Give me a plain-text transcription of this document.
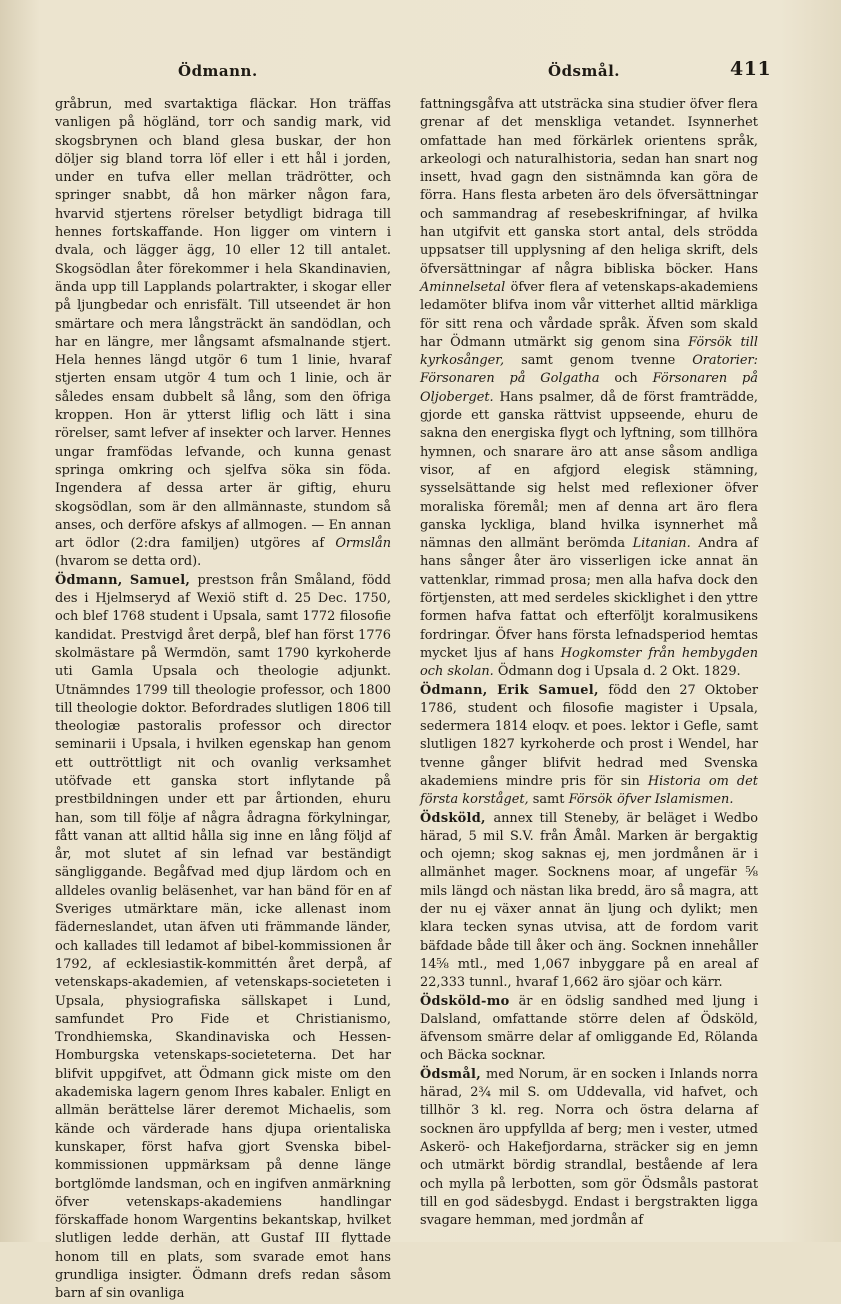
Ödmann.	Ödsmål.	411

gråbrun, med svartaktiga fläckar. Hon träffas vanligen på högländ, torr och sandig mark, vid skogsbrynen och bland glesa buskar, der hon döljer sig bland torra löf eller i ett hål i jorden, under en tufva eller mellan trädrötter, och springer snabbt, då hon märker någon fara, hvarvid stjertens rörelser betydligt bidraga till hennes fortskaffande. Hon ligger om vintern i dvala, och lägger ägg, 10 eller 12 till antalet. Skogsödlan åter förekommer i hela Skandinavien, ända upp till Lapplands polartrakter, i skogar eller på ljungbedar och enrisfält. Till utseendet är hon smärtare och mera långsträckt än sandödlan, och har en längre, mer långsamt afsmalnande stjert. Hela hennes längd utgör 6 tum 1 linie, hvaraf stjerten ensam utgör 4 tum och 1 linie, och är således ensam dubbelt så lång, som den öfriga kroppen. Hon är ytterst liflig och lätt i sina rörelser, samt lefver af insekter och larver. Hennes ungar framfödas lefvande, och kunna genast springa omkring och sjelfva söka sin föda. Ingendera af dessa arter är giftig, ehuru skogsödlan, som är den allmännaste, stundom så anses, och derföre afskys af allmogen. — En annan art ödlor (2:dra familjen) utgöres af Ormslån (hvarom se detta ord).

Ödmann, Samuel, prestson från Småland, född des i Hjelmseryd af Wexiö stift d. 25 Dec. 1750, och blef 1768 student i Upsala, samt 1772 filosofie kandidat. Prestvigd året derpå, blef han först 1776 skolmästare på Wermdön, samt 1790 kyrkoherde uti Gamla Upsala och theologie adjunkt. Utnämndes 1799 till theologie professor, och 1800 till theologie doktor. Befordrades slutligen 1806 till theologiæ pastoralis professor och director seminarii i Upsala, i hvilken egenskap han genom ett outtröttligt nit och ovanlig verksamhet utöfvade ett ganska stort inflytande på prestbildningen under ett par årtionden, ehuru han, som till följe af några ådragna förkylningar, fått vanan att alltid hålla sig inne en lång följd af år, mot slutet af sin lefnad var beständigt sängliggande. Begåfvad med djup lärdom och en alldeles ovanlig beläsenhet, var han bänd för en af Sveriges utmärktare män, icke allenast inom fäderneslandet, utan äfven uti främmande länder, och kallades till ledamot af bibel-kommissionen år 1792, af ecklesiastik-kommittén året derpå, af vetenskaps-akademien, af vetenskaps-societeten i Upsala, physiografiska sällskapet i Lund, samfundet Pro Fide et Christianismo, Trondhiemska, Skandinaviska och Hessen-Homburgska vetenskaps-societeterna. Det har blifvit uppgifvet, att Ödmann gick miste om den akademiska lagern genom Ihres kabaler. Enligt en allmän berättelse lärer deremot Michaelis, som kände och värderade hans djupa orientaliska kunskaper, först hafva gjort Svenska bibel-kommissionen uppmärksam på denne länge bortglömde landsman, och en ingifven anmärkning öfver vetenskaps-akademiens handlingar förskaffade honom Wargentins bekantskap, hvilket slutligen ledde derhän, att Gustaf III flyttade honom till en plats, som svarade emot hans grundliga insigter. Ödmann drefs redan såsom barn af sin ovanliga

fattningsgåfva att utsträcka sina studier öfver flera grenar af det menskliga vetandet. Isynnerhet omfattade han med förkärlek orientens språk, arkeologi och naturalhistoria, sedan han snart nog insett, hvad gagn den sistnämnda kan göra de förra. Hans flesta arbeten äro dels öfversättningar och sammandrag af resebeskrifningar, af hvilka han utgifvit ett ganska stort antal, dels strödda uppsatser till upplysning af den heliga skrift, dels öfversättningar af några bibliska böcker. Hans Aminnelsetal öfver flera af vetenskaps-akademiens ledamöter blifva inom vår vitterhet alltid märkliga för sitt rena och vårdade språk. Äfven som skald har Ödmann utmärkt sig genom sina Försök till kyrkosånger, samt genom tvenne Oratorier: Försonaren på Golgatha och Försonaren på Oljoberget. Hans psalmer, då de först framträdde, gjorde ett ganska rättvist uppseende, ehuru de sakna den energiska flygt och lyftning, som tillhöra hymnen, och snarare äro att anse såsom andliga visor, af en afgjord elegisk stämning, sysselsättande sig helst med reflexioner öfver moraliska föremål; men af denna art äro flera ganska lyckliga, bland hvilka isynnerhet må nämnas den allmänt berömda Litanian. Andra af hans sånger åter äro visserligen icke annat än vattenklar, rimmad prosa; men alla hafva dock den förtjensten, att med serdeles skicklighet i den yttre formen hafva fattat och efterföljt koralmusikens fordringar. Öfver hans första lefnadsperiod hemtas mycket ljus af hans Hogkomster från hembygden och skolan. Ödmann dog i Upsala d. 2 Okt. 1829.

Ödmann, Erik Samuel, född den 27 Oktober 1786, student och filosofie magister i Upsala, sedermera 1814 eloqv. et poes. lektor i Gefle, samt slutligen 1827 kyrkoherde och prost i Wendel, har tvenne gånger blifvit hedrad med Svenska akademiens mindre pris för sin Historia om det första korståget, samt Försök öfver Islamismen.

Ödsköld, annex till Steneby, är beläget i Wedbo härad, 5 mil S.V. från Åmål. Marken är bergaktig och ojemn; skog saknas ej, men jordmånen är i allmänhet mager. Socknens moar, af ungefär ⅝ mils längd och nästan lika bredd, äro så magra, att der nu ej växer annat än ljung och dylikt; men klara tecken synas utvisa, att de fordom varit bäfdade både till åker och äng. Socknen innehåller 14⅝ mtl., med 1,067 inbyggare på en areal af 22,333 tunnl., hvaraf 1,662 äro sjöar och kärr.

Ödsköld-mo är en ödslig sandhed med ljung i Dalsland, omfattande större delen af Ödsköld, äfvensom smärre delar af omliggande Ed, Rölanda och Bäcka socknar.

Ödsmål, med Norum, är en socken i Inlands norra härad, 2¾ mil S. om Uddevalla, vid hafvet, och tillhör 3 kl. reg. Norra och östra delarna af socknen äro uppfyllda af berg; men i vester, utmed Askerö- och Hakefjordarna, sträcker sig en jemn och utmärkt bördig strandlal, bestående af lera och mylla på lerbotten, som gör Ödsmåls pastorat till en god sädesbygd. Endast i bergstrakten ligga svagare hemman, med jordmån af
